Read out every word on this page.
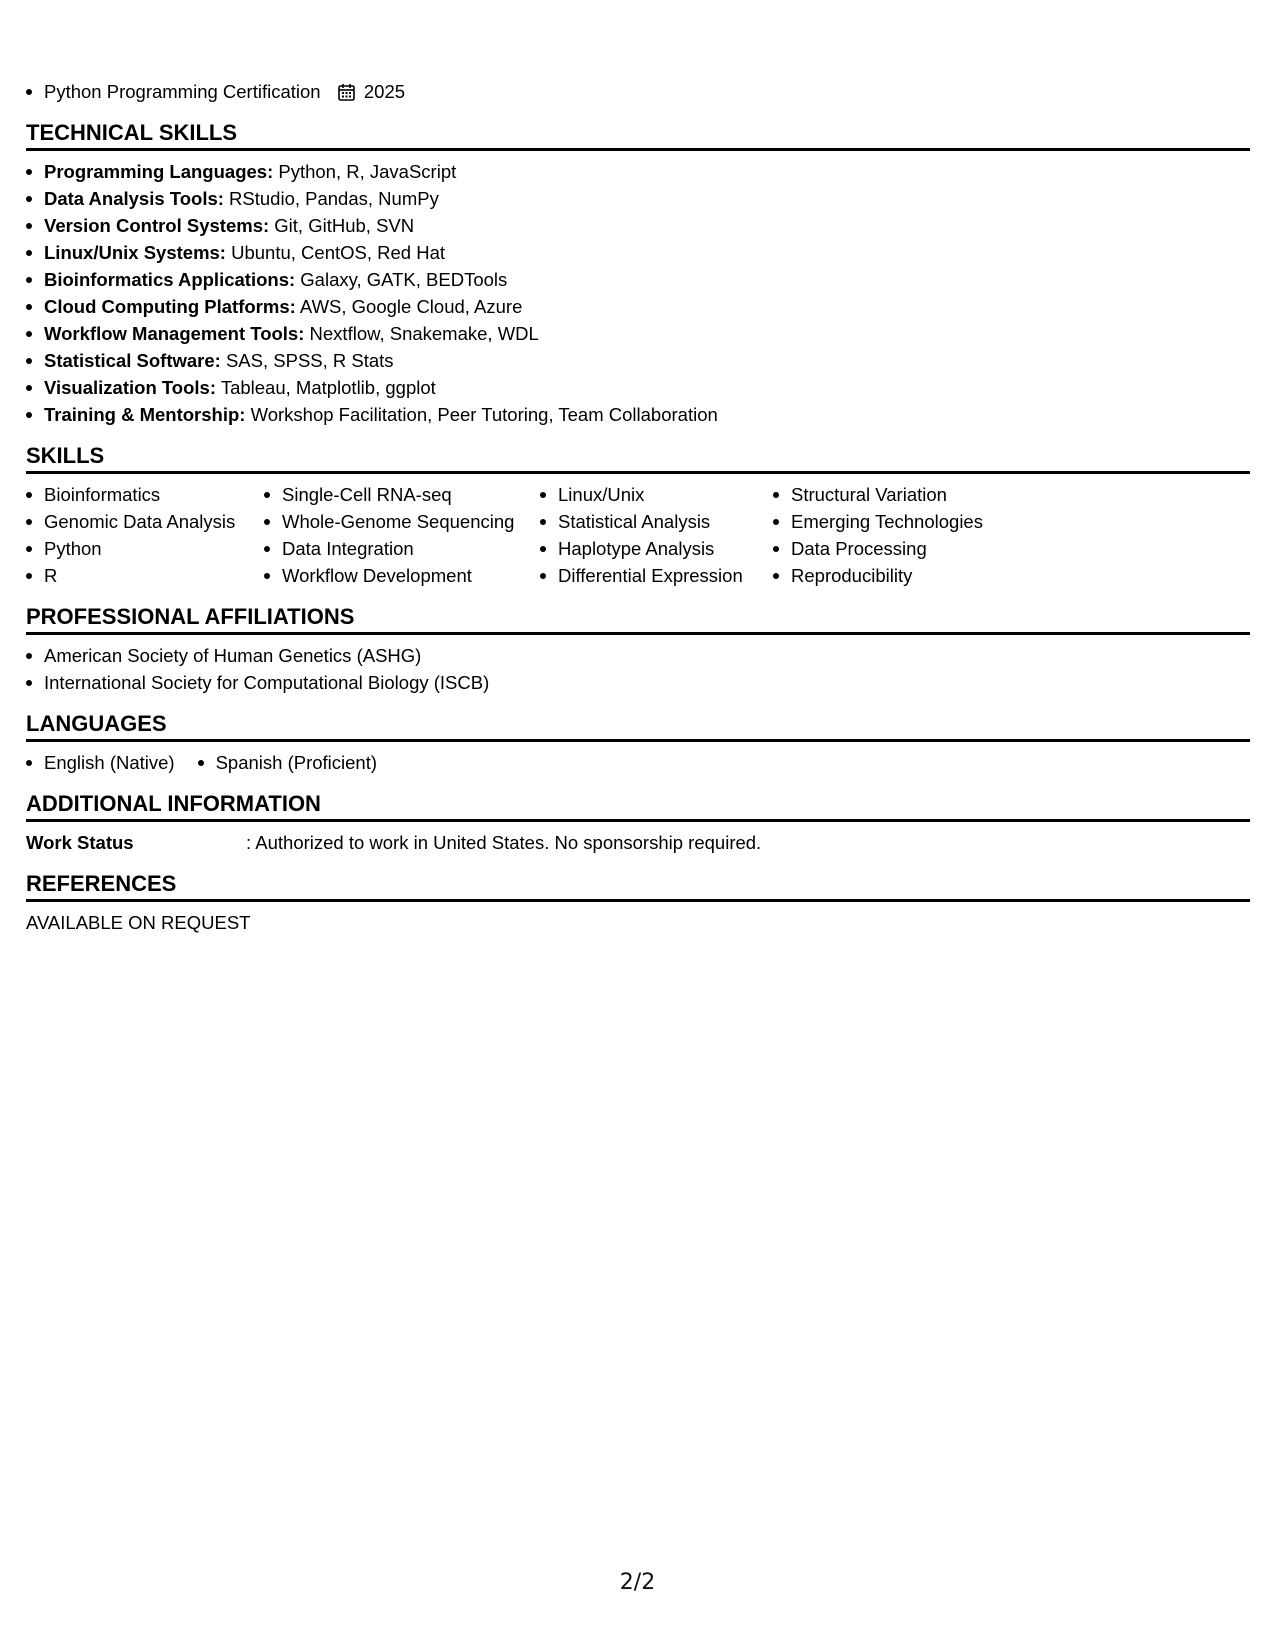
Python Programming Certification 2025
TECHNICAL SKILLS
Programming Languages: Python, R, JavaScript
Data Analysis Tools: RStudio, Pandas, NumPy
Version Control Systems: Git, GitHub, SVN
Linux/Unix Systems: Ubuntu, CentOS, Red Hat
Bioinformatics Applications: Galaxy, GATK, BEDTools
Cloud Computing Platforms: AWS, Google Cloud, Azure
Workflow Management Tools: Nextflow, Snakemake, WDL
Statistical Software: SAS, SPSS, R Stats
Visualization Tools: Tableau, Matplotlib, ggplot
Training & Mentorship: Workshop Facilitation, Peer Tutoring, Team Collaboration
SKILLS
Bioinformatics
Genomic Data Analysis
Python
R
Single-Cell RNA-seq
Whole-Genome Sequencing
Data Integration
Workflow Development
Linux/Unix
Statistical Analysis
Haplotype Analysis
Differential Expression
Structural Variation
Emerging Technologies
Data Processing
Reproducibility
PROFESSIONAL AFFILIATIONS
American Society of Human Genetics (ASHG)
International Society for Computational Biology (ISCB)
LANGUAGES
English (Native)	Spanish (Proficient)
ADDITIONAL INFORMATION
Work Status	: Authorized to work in United States. No sponsorship required.
REFERENCES
AVAILABLE ON REQUEST
2/2
